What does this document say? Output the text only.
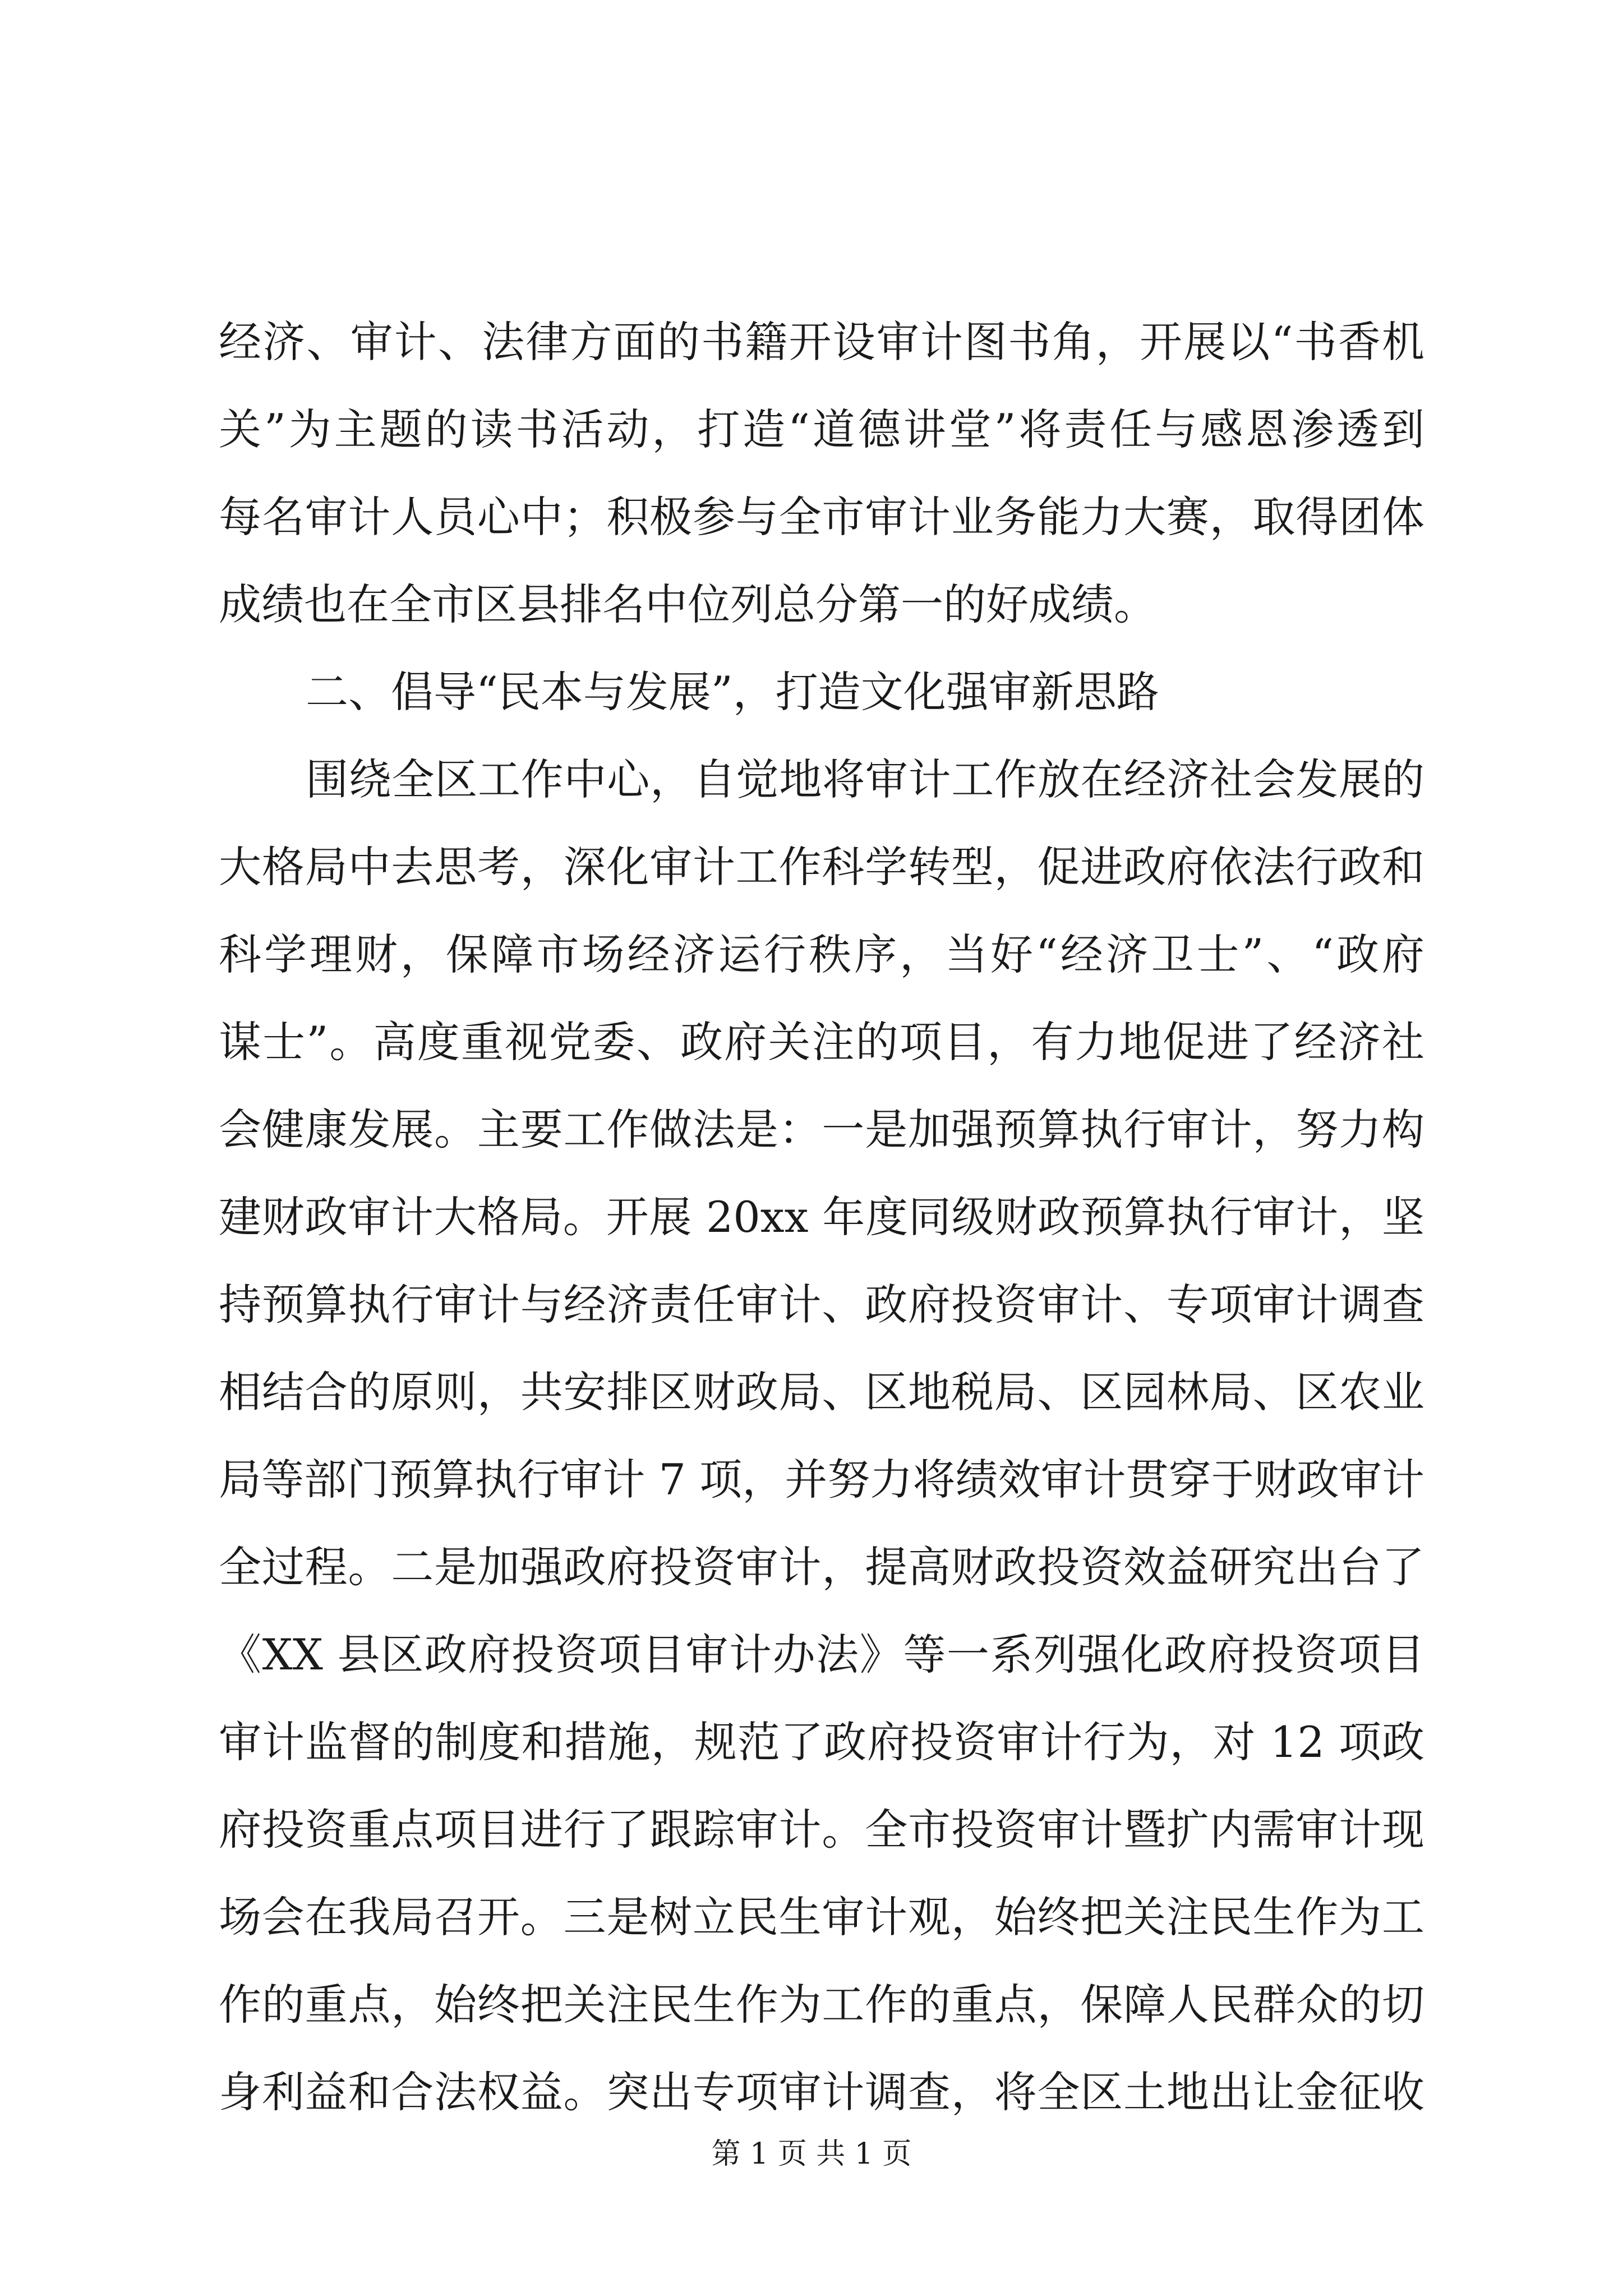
经济、审计、法律方面的书籍开设审计图书角，开展以“书香机
关”为主题的读书活动，打造“道德讲堂”将责任与感恩渗透到
每名审计人员心中；积极参与全市审计业务能力大赛，取得团体
成绩也在全市区县排名中位列总分第一的好成绩。
二、倡导“民本与发展”，打造文化强审新思路
围绕全区工作中心，自觉地将审计工作放在经济社会发展的
大格局中去思考，深化审计工作科学转型，促进政府依法行政和
科学理财，保障市场经济运行秩序，当好“经济卫士”、“政府
谋士”。高度重视党委、政府关注的项目，有力地促进了经济社
会健康发展。主要工作做法是：一是加强预算执行审计，努力构
建财政审计大格局。开展 20xx 年度同级财政预算执行审计，坚
持预算执行审计与经济责任审计、政府投资审计、专项审计调查
相结合的原则，共安排区财政局、区地税局、区园林局、区农业
局等部门预算执行审计 7 项，并努力将绩效审计贯穿于财政审计
全过程。二是加强政府投资审计，提高财政投资效益研究出台了
《XX 县区政府投资项目审计办法》等一系列强化政府投资项目
审计监督的制度和措施，规范了政府投资审计行为，对 12 项政
府投资重点项目进行了跟踪审计。全市投资审计暨扩内需审计现
场会在我局召开。三是树立民生审计观，始终把关注民生作为工
作的重点，始终把关注民生作为工作的重点，保障人民群众的切
身利益和合法权益。突出专项审计调查，将全区土地出让金征收
第 1 页 共 1 页
